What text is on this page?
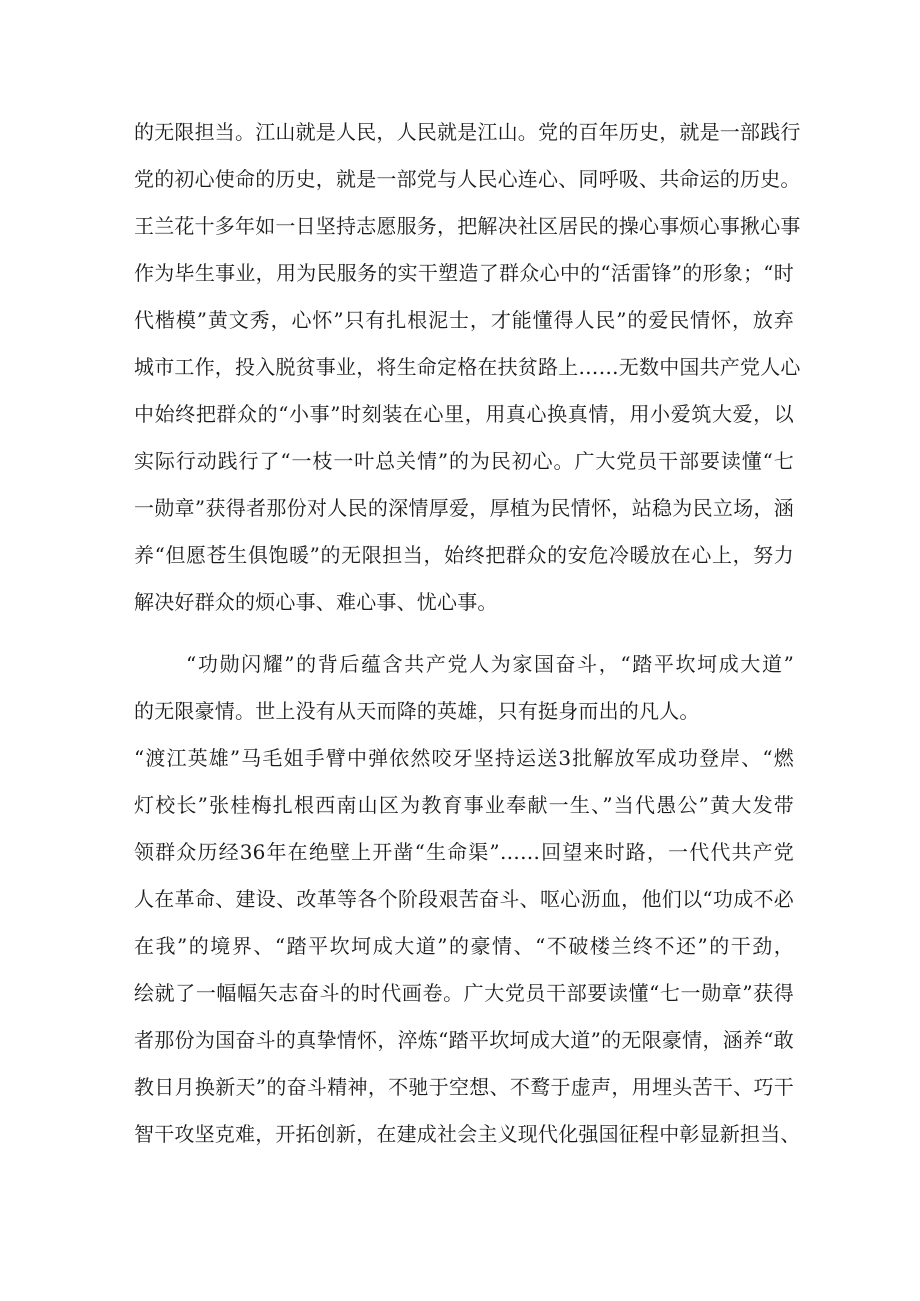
的无限担当。江山就是人民，人民就是江山。党的百年历史，就是一部践行
党的初心使命的历史，就是一部党与人民心连心、同呼吸、共命运的历史。
王兰花十多年如一日坚持志愿服务，把解决社区居民的操心事烦心事揪心事
作为毕生事业，用为民服务的实干塑造了群众心中的“活雷锋”的形象；“时
代楷模”黄文秀，心怀”只有扎根泥士，才能懂得人民”的爱民情怀，放弃
城市工作，投入脱贫事业，将生命定格在扶贫路上……无数中国共产党人心
中始终把群众的“小事”时刻装在心里，用真心换真情，用小爱筑大爱，以
实际行动践行了“一枝一叶总关情”的为民初心。广大党员干部要读懂“七
一勋章”获得者那份对人民的深情厚爱，厚植为民情怀，站稳为民立场，涵
养“但愿苍生俱饱暖”的无限担当，始终把群众的安危冷暖放在心上，努力
解决好群众的烦心事、难心事、忧心事。
“功勋闪耀”的背后蕴含共产党人为家国奋斗，“踏平坎坷成大道”
的无限豪情。世上没有从天而降的英雄，只有挺身而出的凡人。
“渡江英雄”马毛姐手臂中弹依然咬牙坚持运送3批解放军成功登岸、“燃
灯校长”张桂梅扎根西南山区为教育事业奉献一生、”当代愚公”黄大发带
领群众历经36年在绝壁上开凿“生命渠”……回望来时路，一代代共产党
人在革命、建设、改革等各个阶段艰苦奋斗、呕心沥血，他们以“功成不必
在我”的境界、“踏平坎坷成大道”的豪情、“不破楼兰终不还”的干劲，
绘就了一幅幅矢志奋斗的时代画卷。广大党员干部要读懂“七一勋章”获得
者那份为国奋斗的真挚情怀，淬炼“踏平坎坷成大道”的无限豪情，涵养“敢
教日月换新天”的奋斗精神，不驰于空想、不鹜于虚声，用埋头苦干、巧干
智干攻坚克难，开拓创新，在建成社会主义现代化强国征程中彰显新担当、
